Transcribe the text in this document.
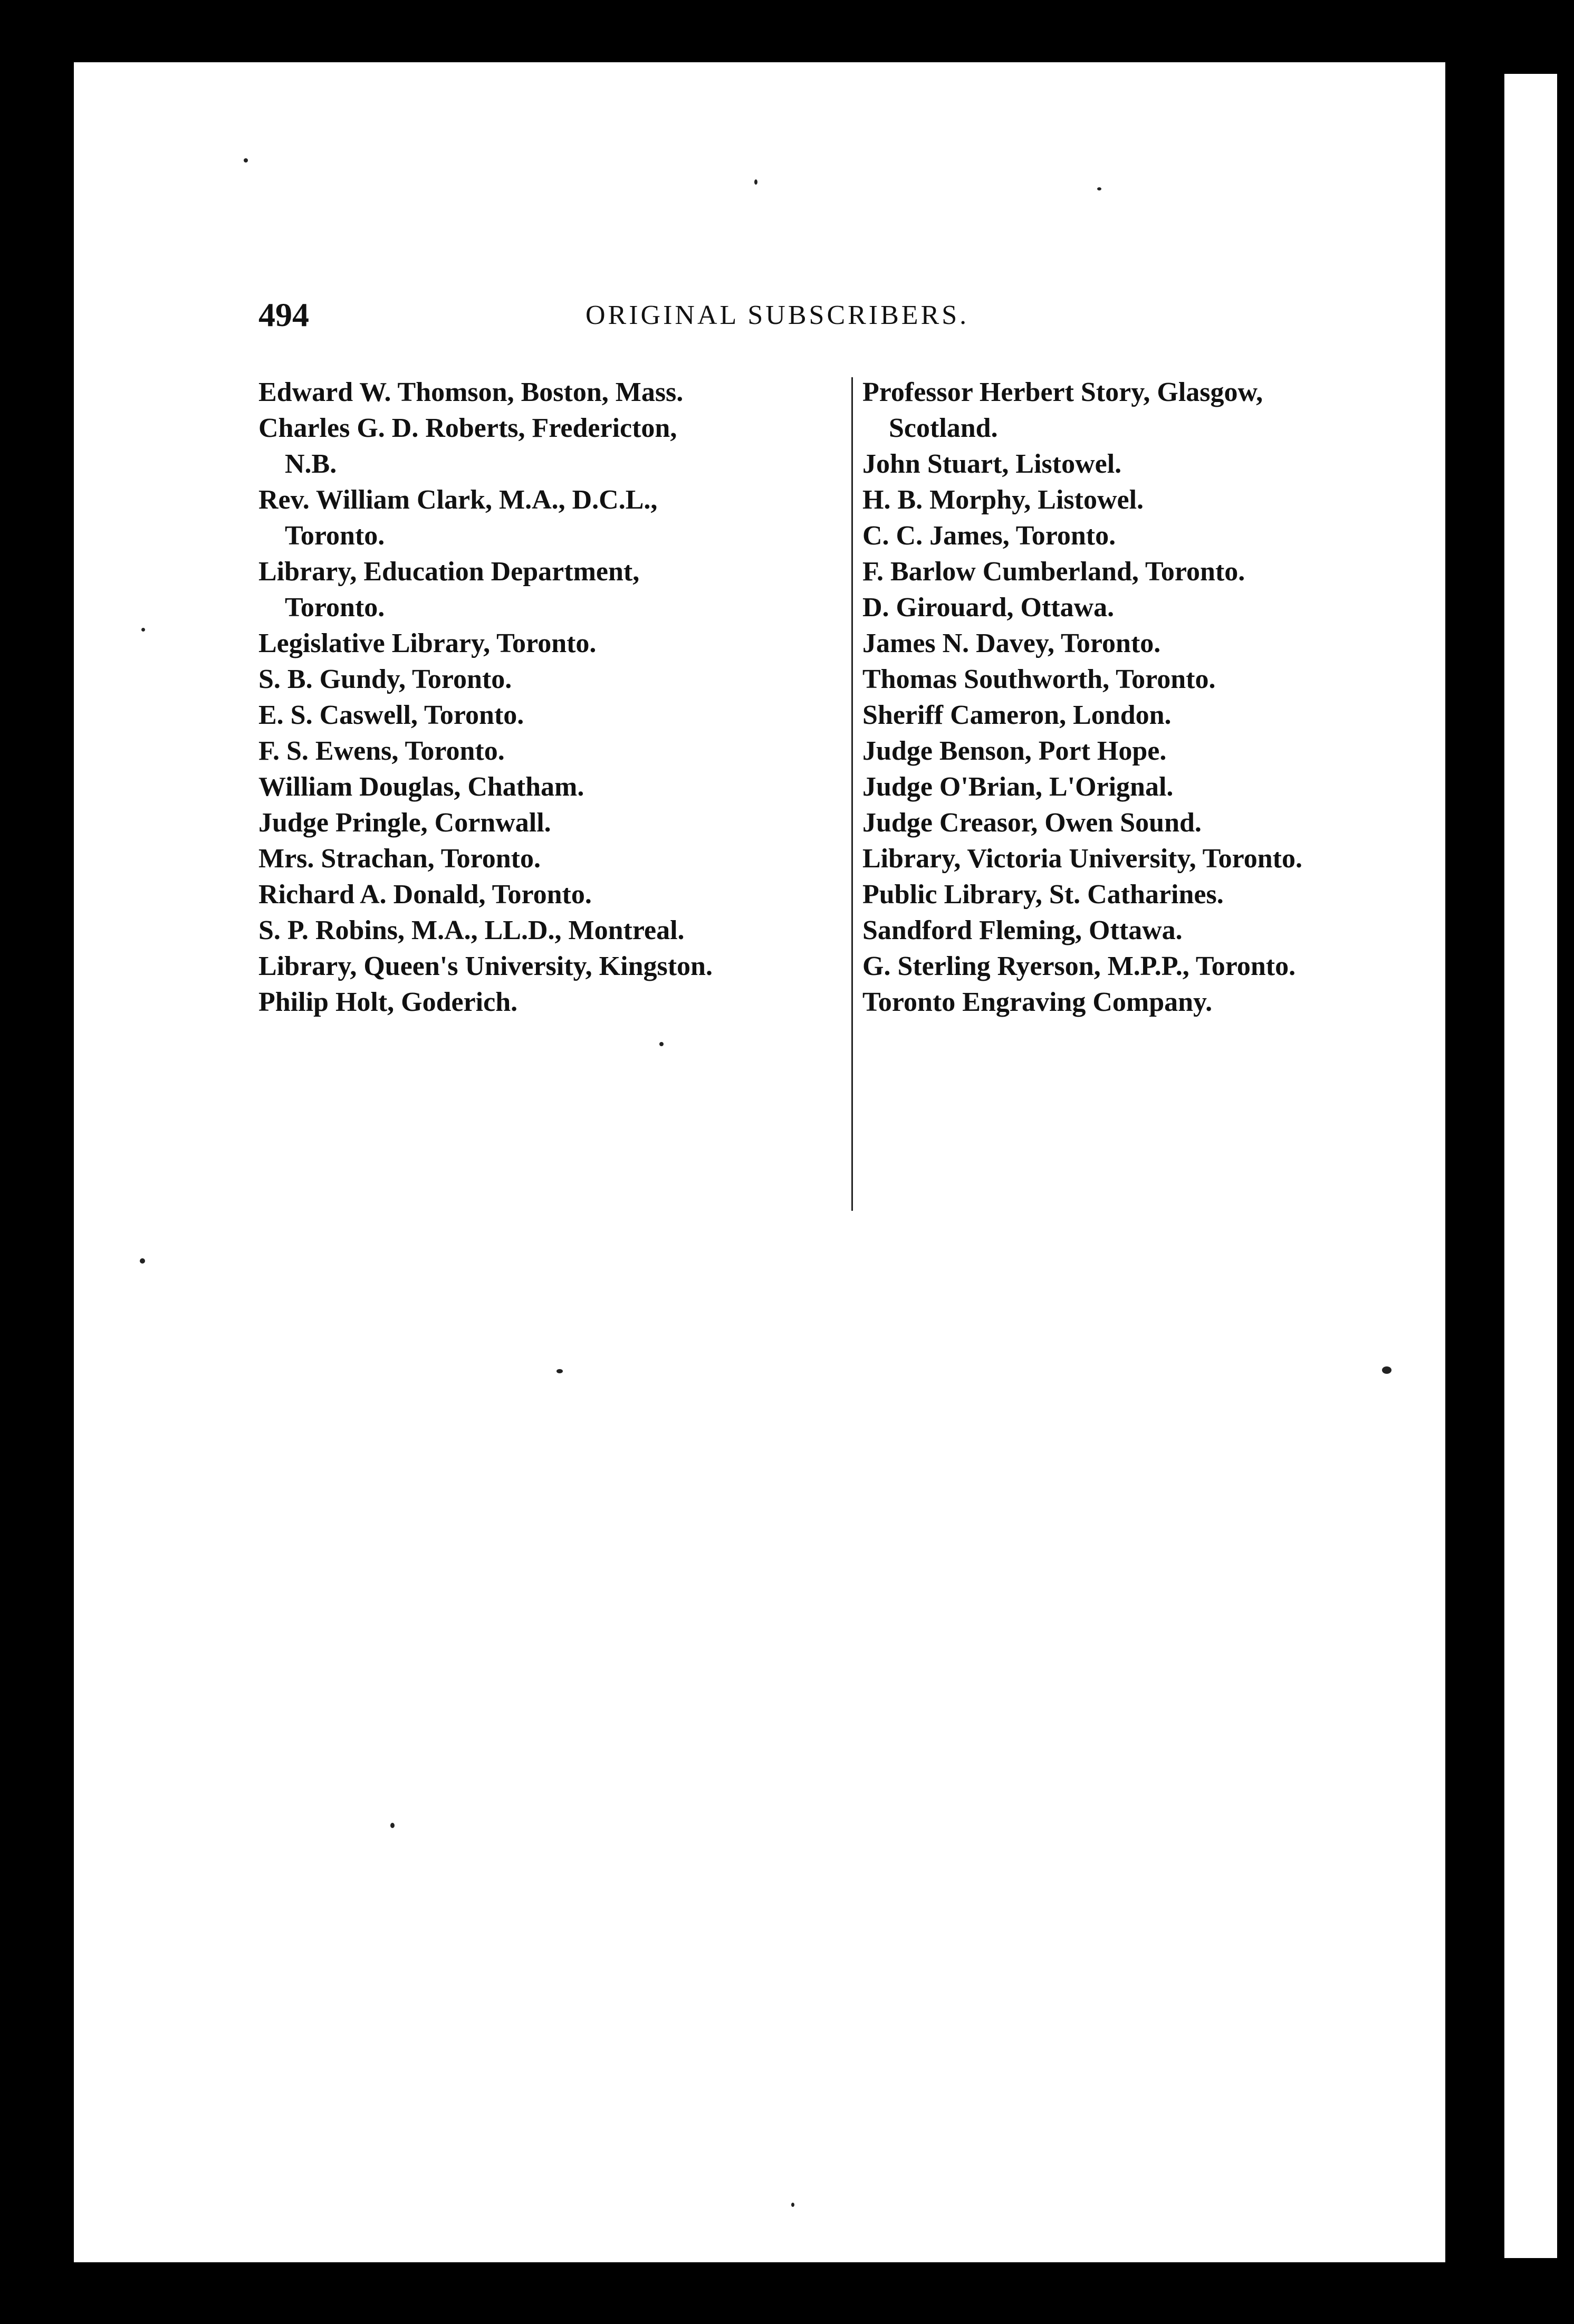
494	ORIGINAL SUBSCRIBERS.
Edward W. Thomson, Boston, Mass.
Charles G. D. Roberts, Fredericton,
N.B.
Rev. William Clark, M.A., D.C.L.,
Toronto.
Library, Education Department,
Toronto.
Legislative Library, Toronto.
S. B. Gundy, Toronto.
E. S. Caswell, Toronto.
F. S. Ewens, Toronto.
William Douglas, Chatham.
Judge Pringle, Cornwall.
Mrs. Strachan, Toronto.
Richard A. Donald, Toronto.
S. P. Robins, M.A., LL.D., Montreal.
Library, Queen's University, Kingston.
Philip Holt, Goderich.
Professor Herbert Story, Glasgow,
Scotland.
John Stuart, Listowel.
H. B. Morphy, Listowel.
C. C. James, Toronto.
F. Barlow Cumberland, Toronto.
D. Girouard, Ottawa.
James N. Davey, Toronto.
Thomas Southworth, Toronto.
Sheriff Cameron, London.
Judge Benson, Port Hope.
Judge O'Brian, L'Orignal.
Judge Creasor, Owen Sound.
Library, Victoria University, Toronto.
Public Library, St. Catharines.
Sandford Fleming, Ottawa.
G. Sterling Ryerson, M.P.P., Toronto.
Toronto Engraving Company.
